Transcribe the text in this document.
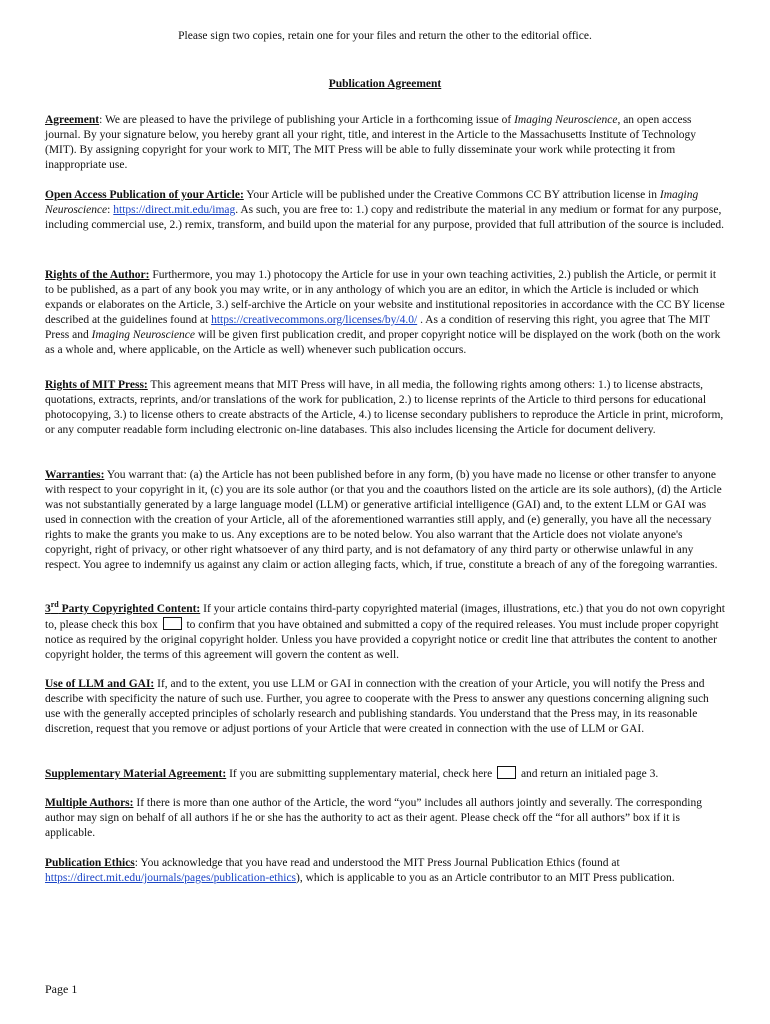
Please sign two copies, retain one for your files and return the other to the editorial office.
Publication Agreement

Agreement: We are pleased to have the privilege of publishing your Article in a forthcoming issue of Imaging Neuroscience, an open access journal. By your signature below, you hereby grant all your right, title, and interest in the Article to the Massachusetts Institute of Technology (MIT). By assigning copyright for your work to MIT, The MIT Press will be able to fully disseminate your work while protecting it from inappropriate use.

Open Access Publication of your Article: Your Article will be published under the Creative Commons CC BY attribution license in Imaging Neuroscience: https://direct.mit.edu/imag. As such, you are free to: 1.) copy and redistribute the material in any medium or format for any purpose, including commercial use, 2.) remix, transform, and build upon the material for any purpose, provided that full attribution of the source is included.

Rights of the Author: Furthermore, you may 1.) photocopy the Article for use in your own teaching activities, 2.) publish the Article, or permit it to be published, as a part of any book you may write, or in any anthology of which you are an editor, in which the Article is included or which expands or elaborates on the Article, 3.) self-archive the Article on your website and institutional repositories in accordance with the CC BY license described at the guidelines found at https://creativecommons.org/licenses/by/4.0/ . As a condition of reserving this right, you agree that The MIT Press and Imaging Neuroscience will be given first publication credit, and proper copyright notice will be displayed on the work (both on the work as a whole and, where applicable, on the Article as well) whenever such publication occurs.

Rights of MIT Press: This agreement means that MIT Press will have, in all media, the following rights among others: 1.) to license abstracts, quotations, extracts, reprints, and/or translations of the work for publication, 2.) to license reprints of the Article to third persons for educational photocopying, 3.) to license others to create abstracts of the Article, 4.) to license secondary publishers to reproduce the Article in print, microform, or any computer readable form including electronic on-line databases. This also includes licensing the Article for document delivery.

Warranties: You warrant that: (a) the Article has not been published before in any form, (b) you have made no license or other transfer to anyone with respect to your copyright in it, (c) you are its sole author (or that you and the coauthors listed on the article are its sole authors), (d) the Article was not substantially generated by a large language model (LLM) or generative artificial intelligence (GAI) and, to the extent LLM or GAI was used in connection with the creation of your Article, all of the aforementioned warranties still apply, and (e) generally, you have all the necessary rights to make the grants you make to us. Any exceptions are to be noted below. You also warrant that the Article does not violate anyone's copyright, right of privacy, or other right whatsoever of any third party, and is not defamatory of any third party or otherwise unlawful in any respect. You agree to indemnify us against any claim or action alleging facts, which, if true, constitute a breach of any of the foregoing warranties.

3rd Party Copyrighted Content: If your article contains third-party copyrighted material (images, illustrations, etc.) that you do not own copyright to, please check this box  to confirm that you have obtained and submitted a copy of the required releases. You must include proper copyright notice as required by the original copyright holder. Unless you have provided a copyright notice or credit line that attributes the content to another copyright holder, the terms of this agreement will govern the content as well.

Use of LLM and GAI: If, and to the extent, you use LLM or GAI in connection with the creation of your Article, you will notify the Press and describe with specificity the nature of such use. Further, you agree to cooperate with the Press to answer any questions concerning aligning such use with the generally accepted principles of scholarly research and publishing standards. You understand that the Press may, in its reasonable discretion, request that you remove or adjust portions of your Article that were created in connection with the use of LLM or GAI.

Supplementary Material Agreement: If you are submitting supplementary material, check here  and return an initialed page 3.

Multiple Authors: If there is more than one author of the Article, the word “you” includes all authors jointly and severally. The corresponding author may sign on behalf of all authors if he or she has the authority to act as their agent. Please check off the “for all authors” box if it is applicable.

Publication Ethics: You acknowledge that you have read and understood the MIT Press Journal Publication Ethics (found at https://direct.mit.edu/journals/pages/publication-ethics), which is applicable to you as an Article contributor to an MIT Press publication.

Page 1
